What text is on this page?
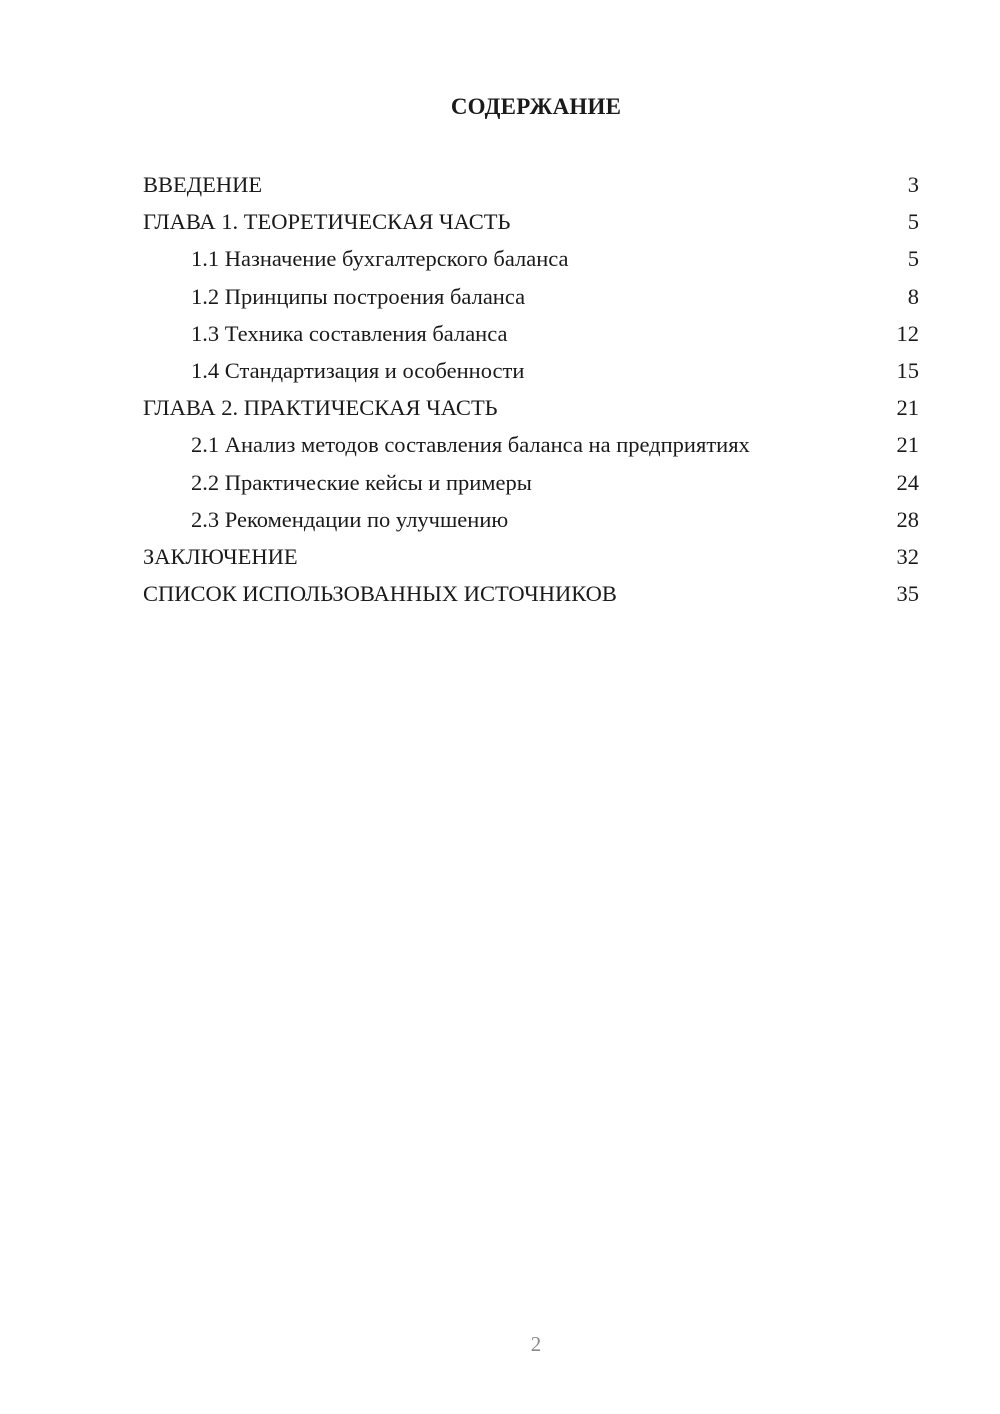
СОДЕРЖАНИЕ
ВВЕДЕНИЕ	3
ГЛАВА 1. ТЕОРЕТИЧЕСКАЯ ЧАСТЬ	5
1.1 Назначение бухгалтерского баланса	5
1.2 Принципы построения баланса	8
1.3 Техника составления баланса	12
1.4 Стандартизация и особенности	15
ГЛАВА 2. ПРАКТИЧЕСКАЯ ЧАСТЬ	21
2.1 Анализ методов составления баланса на предприятиях	21
2.2 Практические кейсы и примеры	24
2.3 Рекомендации по улучшению	28
ЗАКЛЮЧЕНИЕ	32
СПИСОК ИСПОЛЬЗОВАННЫХ ИСТОЧНИКОВ	35
2
